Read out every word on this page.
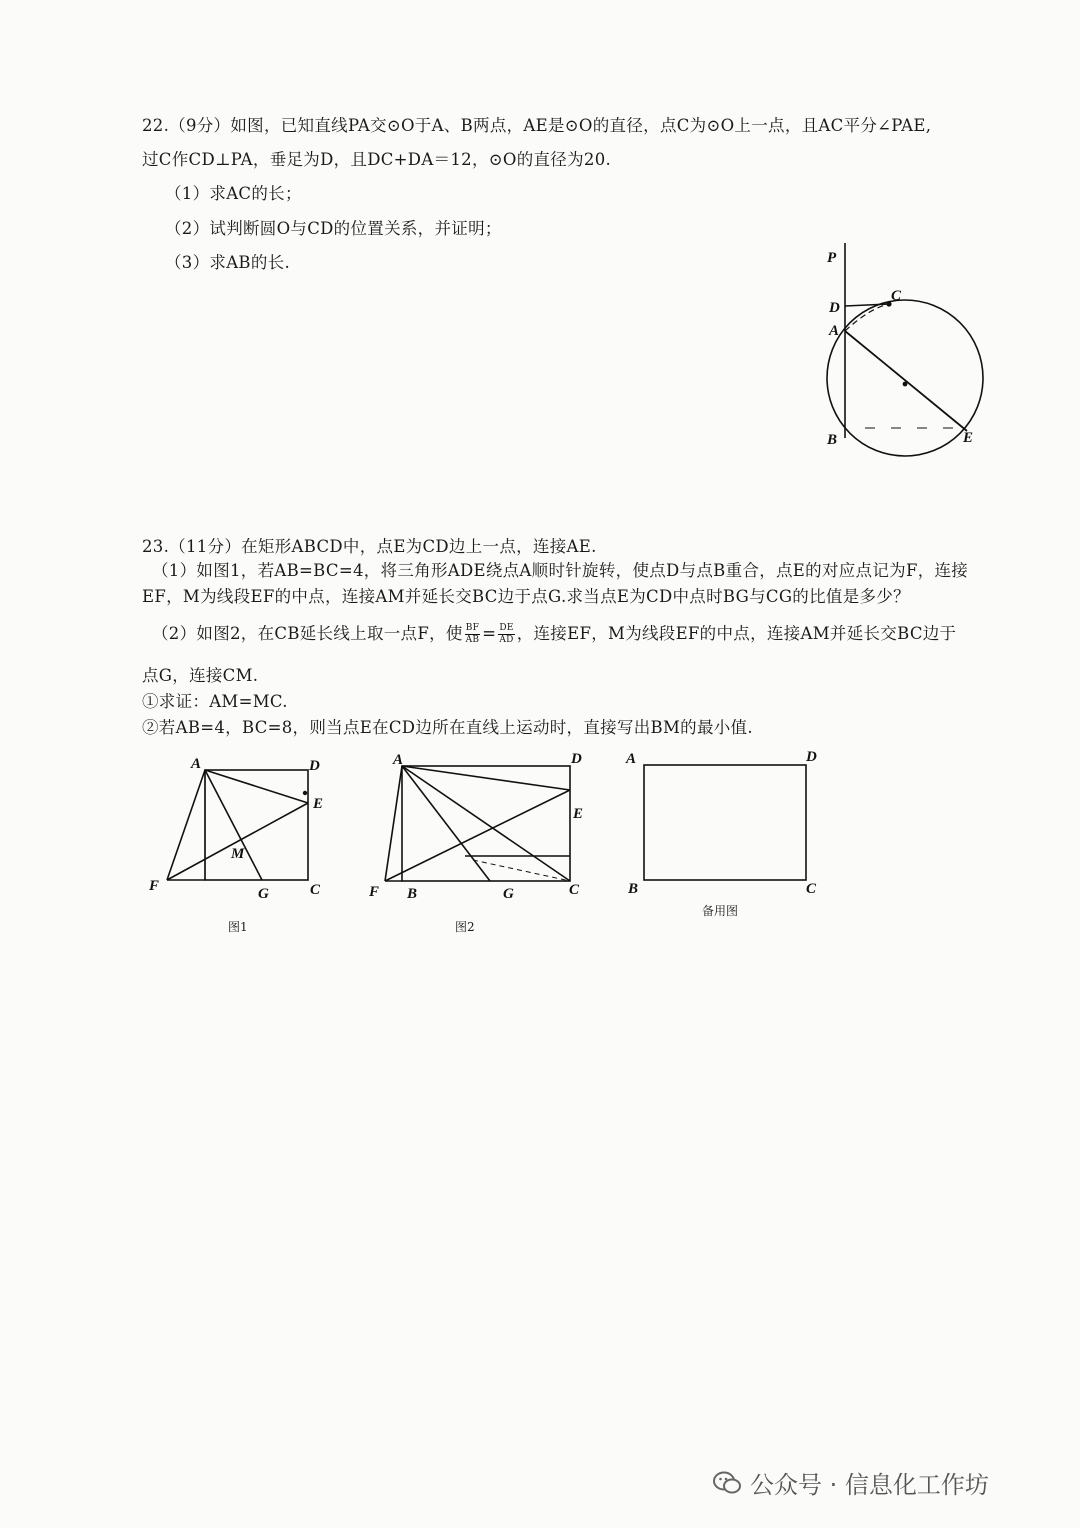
22.（9分）如图，已知直线PA交⊙O于A、B两点，AE是⊙O的直径，点C为⊙O上一点，且AC平分∠PAE,
过C作CD⊥PA，垂足为D，且DC+DA＝12，⊙O的直径为20.
（1）求AC的长；
（2）试判断圆O与CD的位置关系，并证明；
（3）求AB的长.	P
C
D
A
B	E
23.（11分）在矩形ABCD中，点E为CD边上一点，连接AE.
（1）如图1，若AB=BC=4，将三角形ADE绕点A顺时针旋转，使点D与点B重合，点E的对应点记为F，连接
EF，M为线段EF的中点，连接AM并延长交BC边于点G.求当点E为CD中点时BG与CG的比值是多少？
（2）如图2，在CB延长线上取一点F，使 $\frac{BF}{AB} = \frac{DE}{AD}$ ，连接EF，M为线段EF的中点，连接AM并延长交BC边于
点G，连接CM.
①求证：AM=MC.
②若AB=4，BC=8，则当点E在CD边所在直线上运动时，直接写出BM的最小值.
A	D
E
M
F	G	C
图1
A	D
E
F B	G	C
图2
A	D
B	C
备用图
公众号 · 信息化工作坊
